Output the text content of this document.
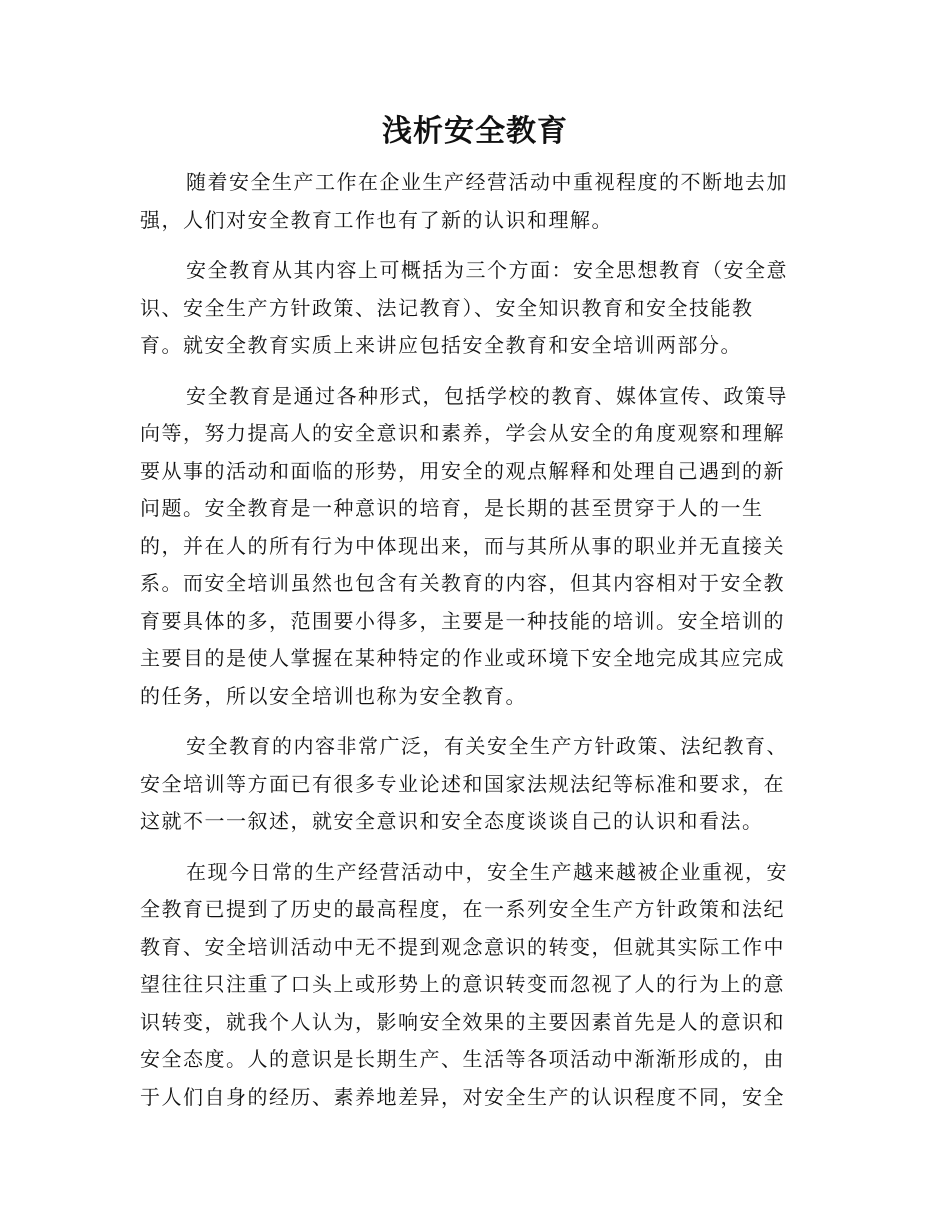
浅析安全教育

随着安全生产工作在企业生产经营活动中重视程度的不断地去加
强，人们对安全教育工作也有了新的认识和理解。

安全教育从其内容上可概括为三个方面：安全思想教育（安全意
识、安全生产方针政策、法记教育）、安全知识教育和安全技能教
育。就安全教育实质上来讲应包括安全教育和安全培训两部分。

安全教育是通过各种形式，包括学校的教育、媒体宣传、政策导
向等，努力提高人的安全意识和素养，学会从安全的角度观察和理解
要从事的活动和面临的形势，用安全的观点解释和处理自己遇到的新
问题。安全教育是一种意识的培育，是长期的甚至贯穿于人的一生
的，并在人的所有行为中体现出来，而与其所从事的职业并无直接关
系。而安全培训虽然也包含有关教育的内容，但其内容相对于安全教
育要具体的多，范围要小得多，主要是一种技能的培训。安全培训的
主要目的是使人掌握在某种特定的作业或环境下安全地完成其应完成
的任务，所以安全培训也称为安全教育。

安全教育的内容非常广泛，有关安全生产方针政策、法纪教育、
安全培训等方面已有很多专业论述和国家法规法纪等标准和要求，在
这就不一一叙述，就安全意识和安全态度谈谈自己的认识和看法。

在现今日常的生产经营活动中，安全生产越来越被企业重视，安
全教育已提到了历史的最高程度，在一系列安全生产方针政策和法纪
教育、安全培训活动中无不提到观念意识的转变，但就其实际工作中
望往往只注重了口头上或形势上的意识转变而忽视了人的行为上的意
识转变，就我个人认为，影响安全效果的主要因素首先是人的意识和
安全态度。人的意识是长期生产、生活等各项活动中渐渐形成的，由
于人们自身的经历、素养地差异，对安全生产的认识程度不同，安全
